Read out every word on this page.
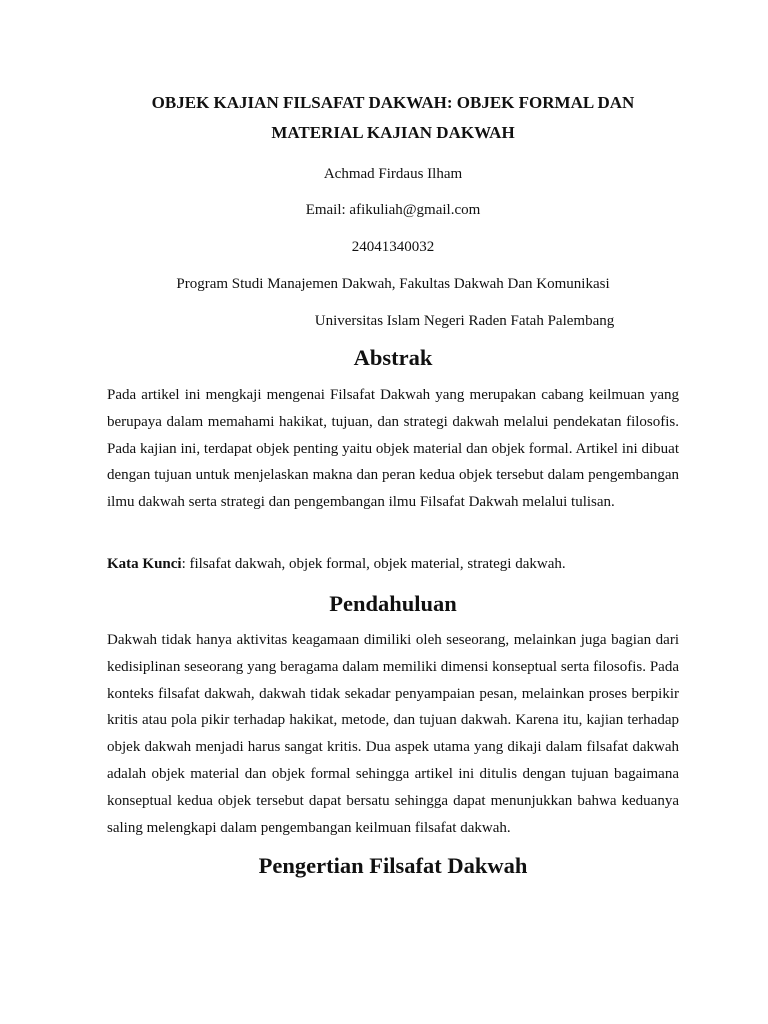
OBJEK KAJIAN FILSAFAT DAKWAH: OBJEK FORMAL DAN MATERIAL KAJIAN DAKWAH

Achmad Firdaus Ilham

Email: afikuliah@gmail.com

24041340032

Program Studi Manajemen Dakwah, Fakultas Dakwah Dan Komunikasi

Universitas Islam Negeri Raden Fatah Palembang

Abstrak

Pada artikel ini mengkaji mengenai Filsafat Dakwah yang merupakan cabang keilmuan yang berupaya dalam memahami hakikat, tujuan, dan strategi dakwah melalui pendekatan filosofis. Pada kajian ini, terdapat objek penting yaitu objek material dan objek formal. Artikel ini dibuat dengan tujuan untuk menjelaskan makna dan peran kedua objek tersebut dalam pengembangan ilmu dakwah serta strategi dan pengembangan ilmu Filsafat Dakwah melalui tulisan.

Kata Kunci: filsafat dakwah, objek formal, objek material, strategi dakwah.

Pendahuluan

Dakwah tidak hanya aktivitas keagamaan dimiliki oleh seseorang, melainkan juga bagian dari kedisiplinan seseorang yang beragama dalam memiliki dimensi konseptual serta filosofis. Pada konteks filsafat dakwah, dakwah tidak sekadar penyampaian pesan, melainkan proses berpikir kritis atau pola pikir terhadap hakikat, metode, dan tujuan dakwah. Karena itu, kajian terhadap objek dakwah menjadi harus sangat kritis. Dua aspek utama yang dikaji dalam filsafat dakwah adalah objek material dan objek formal sehingga artikel ini ditulis dengan tujuan bagaimana konseptual kedua objek tersebut dapat bersatu sehingga dapat menunjukkan bahwa keduanya saling melengkapi dalam pengembangan keilmuan filsafat dakwah.

Pengertian Filsafat Dakwah
